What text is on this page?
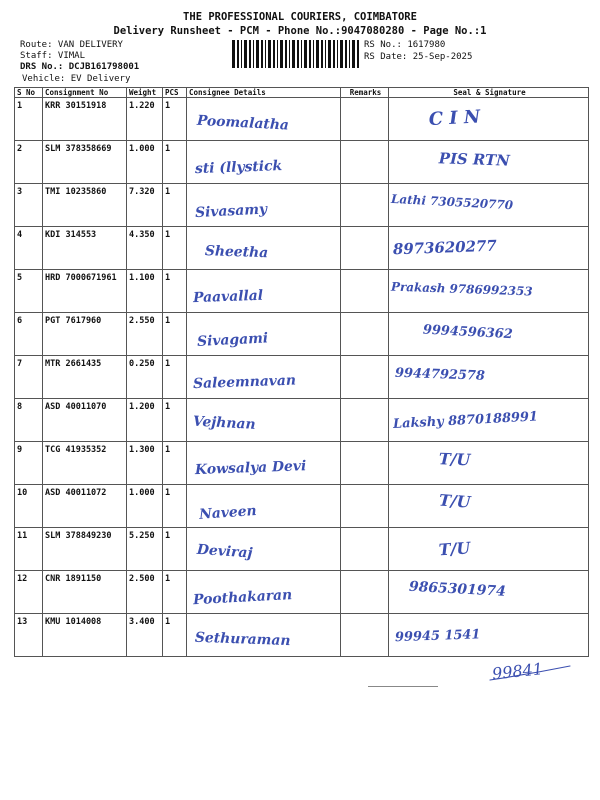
THE PROFESSIONAL COURIERS, COIMBATORE
Delivery Runsheet - PCM - Phone No.:9047080280 - Page No.:1
Route: VAN DELIVERY
Staff: VIMAL
DRS No.: DCJB161798001
Vehicle: EV Delivery
RS No.: 1617980
RS Date: 25-Sep-2025
S No	Consignment No	Weight	PCS	Consignee Details	Remarks	Seal & Signature
1	KRR 30151918	1.220	1	Poomalatha		C I N

2	SLM 378358669	1.000	1	sti (llystick		PIS RTN

3	TMI 10235860	7.320	1	Sivasamy		Lathi 7305520770

4	KDI 314553	4.350	1	Sheetha		8973620277

5	HRD 7000671961	1.100	1	Paavallal		Prakash 9786992353

6	PGT 7617960	2.550	1	Sivagami		9994596362

7	MTR 2661435	0.250	1	Saleemnavan		9944792578

8	ASD 40011070	1.200	1	Vejhnan		Lakshy 8870188991

9	TCG 41935352	1.300	1	Kowsalya Devi		T/U

10	ASD 40011072	1.000	1	Naveen		T/U

11	SLM 378849230	5.250	1	Deviraj		T/U

12	CNR 1891150	2.500	1	Poothakaran		9865301974

13	KMU 1014008	3.400	1	Sethuraman		99945 1541
99841
